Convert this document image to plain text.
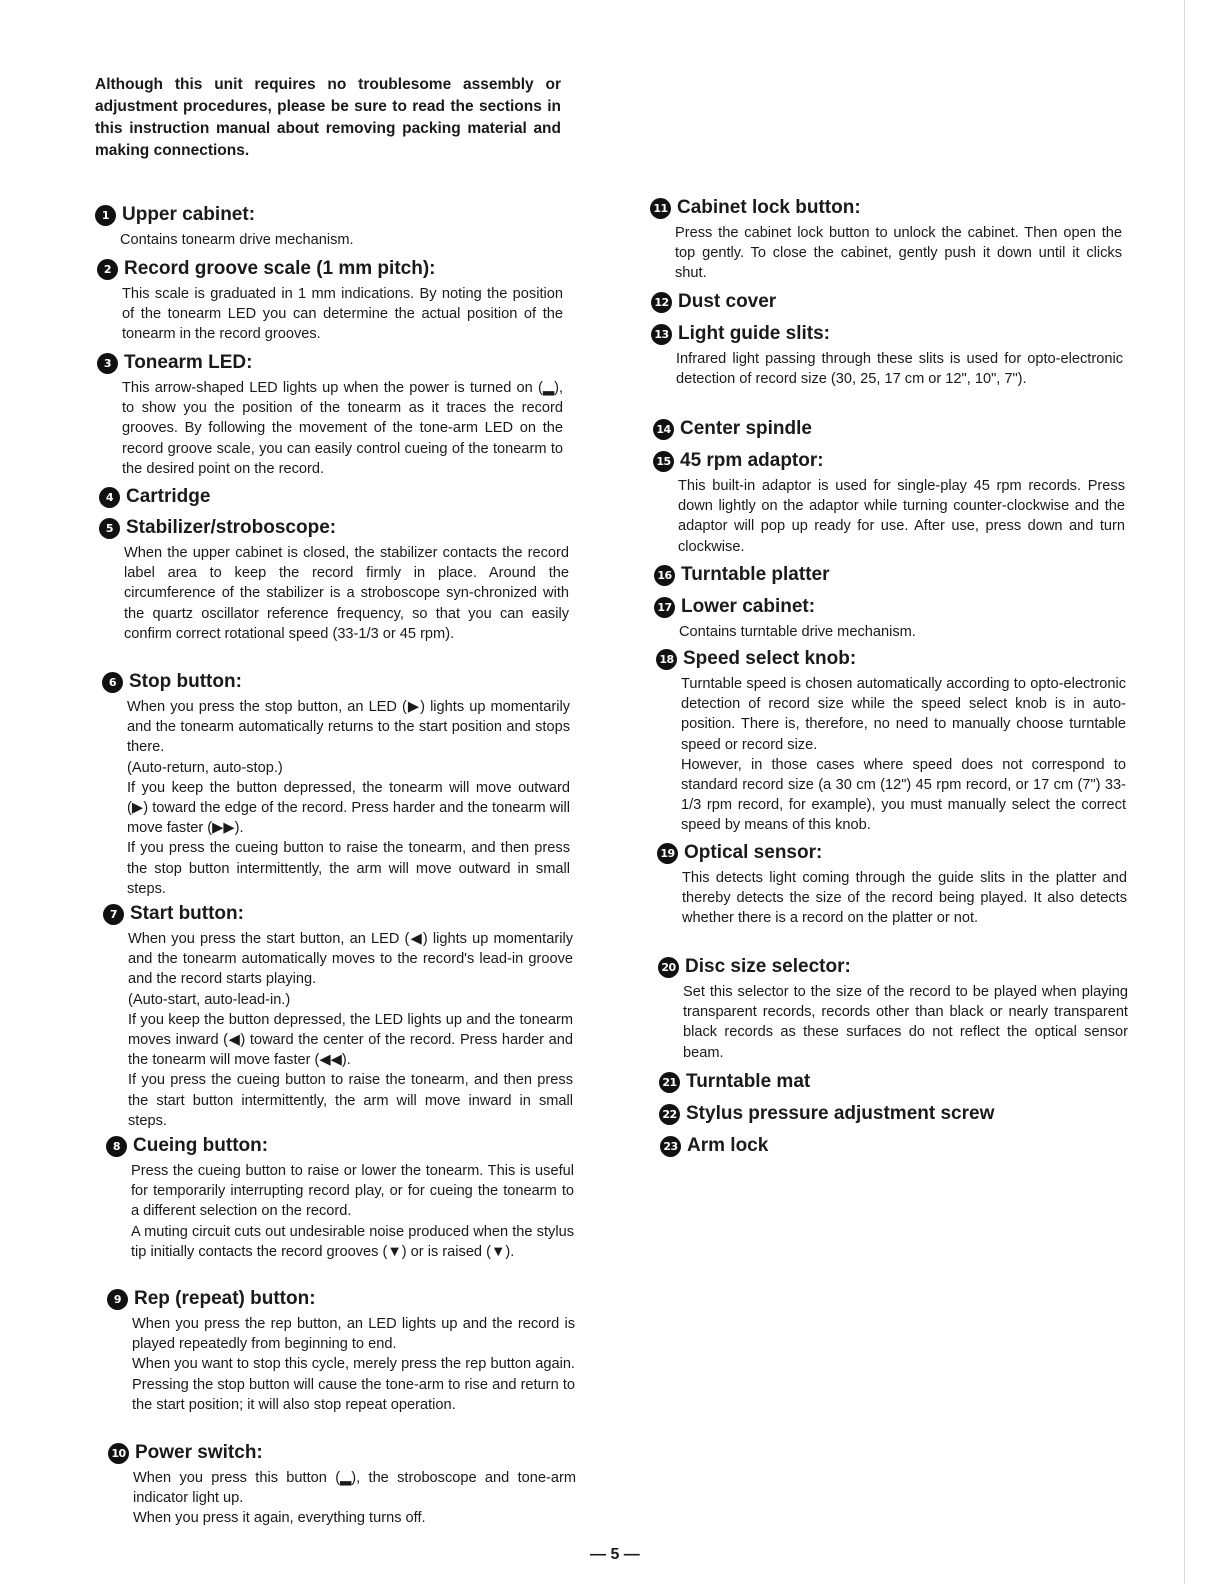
Although this unit requires no troublesome assembly or adjustment procedures, please be sure to read the sections in this instruction manual about removing packing material and making connections.
1 Upper cabinet:

Contains tonearm drive mechanism.

2 Record groove scale (1 mm pitch):

This scale is graduated in 1 mm indications. By noting the position of the tonearm LED you can determine the actual position of the tonearm in the record grooves.

3 Tonearm LED:

This arrow-shaped LED lights up when the power is turned on (▂), to show you the position of the tonearm as it traces the record grooves. By following the movement of the tone-arm LED on the record groove scale, you can easily control cueing of the tonearm to the desired point on the record.

4 Cartridge
5 Stabilizer/stroboscope:

When the upper cabinet is closed, the stabilizer contacts the record label area to keep the record firmly in place. Around the circumference of the stabilizer is a stroboscope syn-chronized with the quartz oscillator reference frequency, so that you can easily confirm correct rotational speed (33-1/3 or 45 rpm).

6 Stop button:

When you press the stop button, an LED (▶) lights up momentarily and the tonearm automatically returns to the start position and stops there.

(Auto-return, auto-stop.)

If you keep the button depressed, the tonearm will move outward (▶) toward the edge of the record. Press harder and the tonearm will move faster (▶▶).

If you press the cueing button to raise the tonearm, and then press the stop button intermittently, the arm will move outward in small steps.

7 Start button:

When you press the start button, an LED (◀) lights up momentarily and the tonearm automatically moves to the record's lead-in groove and the record starts playing.

(Auto-start, auto-lead-in.)

If you keep the button depressed, the LED lights up and the tonearm moves inward (◀) toward the center of the record. Press harder and the tonearm will move faster (◀◀).

If you press the cueing button to raise the tonearm, and then press the start button intermittently, the arm will move inward in small steps.

8 Cueing button:

Press the cueing button to raise or lower the tonearm. This is useful for temporarily interrupting record play, or for cueing the tonearm to a different selection on the record.

A muting circuit cuts out undesirable noise produced when the stylus tip initially contacts the record grooves (▼) or is raised (▼).

9 Rep (repeat) button:

When you press the rep button, an LED lights up and the record is played repeatedly from beginning to end.

When you want to stop this cycle, merely press the rep button again. Pressing the stop button will cause the tone-arm to rise and return to the start position; it will also stop repeat operation.

10 Power switch:

When you press this button (▂), the stroboscope and tone-arm indicator light up.

When you press it again, everything turns off.

11 Cabinet lock button:

Press the cabinet lock button to unlock the cabinet. Then open the top gently. To close the cabinet, gently push it down until it clicks shut.

12 Dust cover
13 Light guide slits:

Infrared light passing through these slits is used for opto-electronic detection of record size (30, 25, 17 cm or 12", 10", 7").

14 Center spindle
15 45 rpm adaptor:

This built-in adaptor is used for single-play 45 rpm records. Press down lightly on the adaptor while turning counter-clockwise and the adaptor will pop up ready for use. After use, press down and turn clockwise.

16 Turntable platter
17 Lower cabinet:

Contains turntable drive mechanism.

18 Speed select knob:

Turntable speed is chosen automatically according to opto-electronic detection of record size while the speed select knob is in auto-position. There is, therefore, no need to manually choose turntable speed or record size.

However, in those cases where speed does not correspond to standard record size (a 30 cm (12") 45 rpm record, or 17 cm (7") 33-1/3 rpm record, for example), you must manually select the correct speed by means of this knob.

19 Optical sensor:

This detects light coming through the guide slits in the platter and thereby detects the size of the record being played. It also detects whether there is a record on the platter or not.

20 Disc size selector:

Set this selector to the size of the record to be played when playing transparent records, records other than black or nearly transparent black records as these surfaces do not reflect the optical sensor beam.

21 Turntable mat
22 Stylus pressure adjustment screw
23 Arm lock
— 5 —
